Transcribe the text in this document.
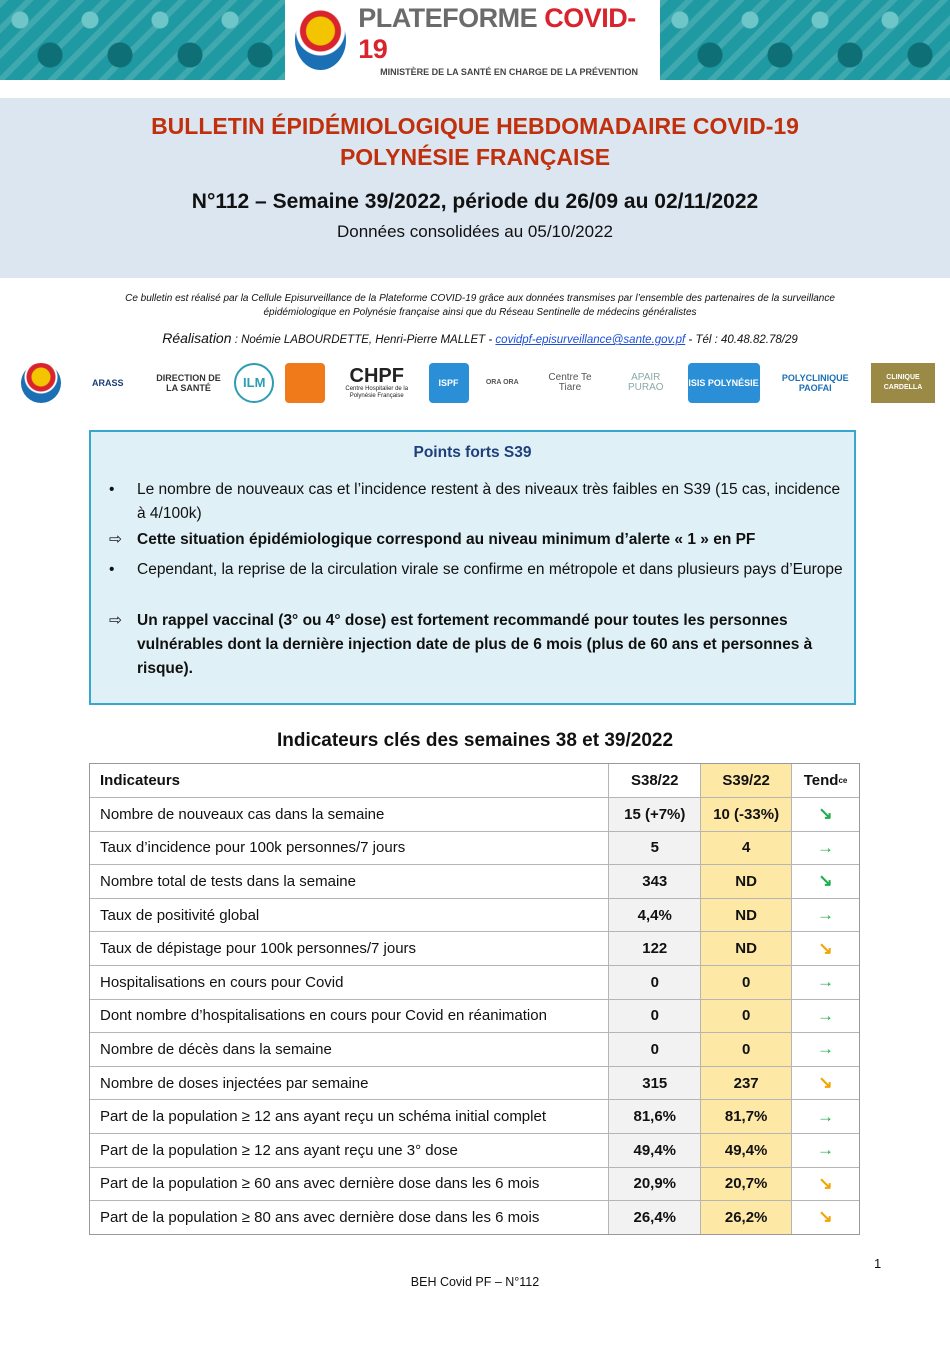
PLATEFORME COVID-19
MINISTÈRE DE LA SANTÉ EN CHARGE DE LA PRÉVENTION
BULLETIN ÉPIDÉMIOLOGIQUE HEBDOMADAIRE COVID-19
POLYNÉSIE FRANÇAISE
N°112 – Semaine 39/2022, période du 26/09 au 02/11/2022
Données consolidées au 05/10/2022
Ce bulletin est réalisé par la Cellule Episurveillance de la Plateforme COVID-19 grâce aux données transmises par l’ensemble des partenaires de la surveillance épidémiologique en Polynésie française ainsi que du Réseau Sentinelle de médecins généralistes
Réalisation : Noémie LABOURDETTE, Henri-Pierre MALLET - covidpf-episurveillance@sante.gov.pf - Tél : 40.48.82.78/29
ARASS	DIRECTION DE LA SANTÉ	ILM	CHPF
Centre Hospitalier de la Polynésie Française
ISPF	ORA ORA	Centre Te Tiare
APAIR PURAO	ISIS POLYNÉSIE	POLYCLINIQUE PAOFAI
CLINIQUE CARDELLA
Points forts S39
•	Le nombre de nouveaux cas et l’incidence restent à des niveaux très faibles en S39 (15 cas, incidence à 4/100k)
⇨ Cette situation épidémiologique correspond au niveau minimum d’alerte « 1 » en PF
•	Cependant, la reprise de la circulation virale se confirme en métropole et dans plusieurs pays d’Europe
⇨ Un rappel vaccinal (3° ou 4° dose) est fortement recommandé pour toutes les personnes vulnérables dont la dernière injection date de plus de 6 mois (plus de 60 ans et personnes à risque).
Indicateurs clés des semaines 38 et 39/2022
Indicateurs	S38/22	S39/22	Tend ce
Nombre de nouveaux cas dans la semaine	15 (+7%)	10 (-33%)	↘
Taux d’incidence pour 100k personnes/7 jours	5	4	→
Nombre total de tests dans la semaine	343	ND	↘
Taux de positivité global	4,4%	ND	→
Taux de dépistage pour 100k personnes/7 jours	122	ND	↘
Hospitalisations en cours pour Covid	0	0	→
Dont nombre d’hospitalisations en cours pour Covid en réanimation	0	0	→
Nombre de décès dans la semaine	0	0	→
Nombre de doses injectées par semaine	315	237	↘
Part de la population ≥ 12 ans ayant reçu un schéma initial complet	81,6%	81,7%	→
Part de la population ≥ 12 ans ayant reçu une 3° dose	49,4%	49,4%	→
Part de la population ≥ 60 ans avec dernière dose dans les 6 mois	20,9%	20,7%	↘
Part de la population ≥ 80 ans avec dernière dose dans les 6 mois	26,4%	26,2%	↘
1
BEH Covid PF – N°112
